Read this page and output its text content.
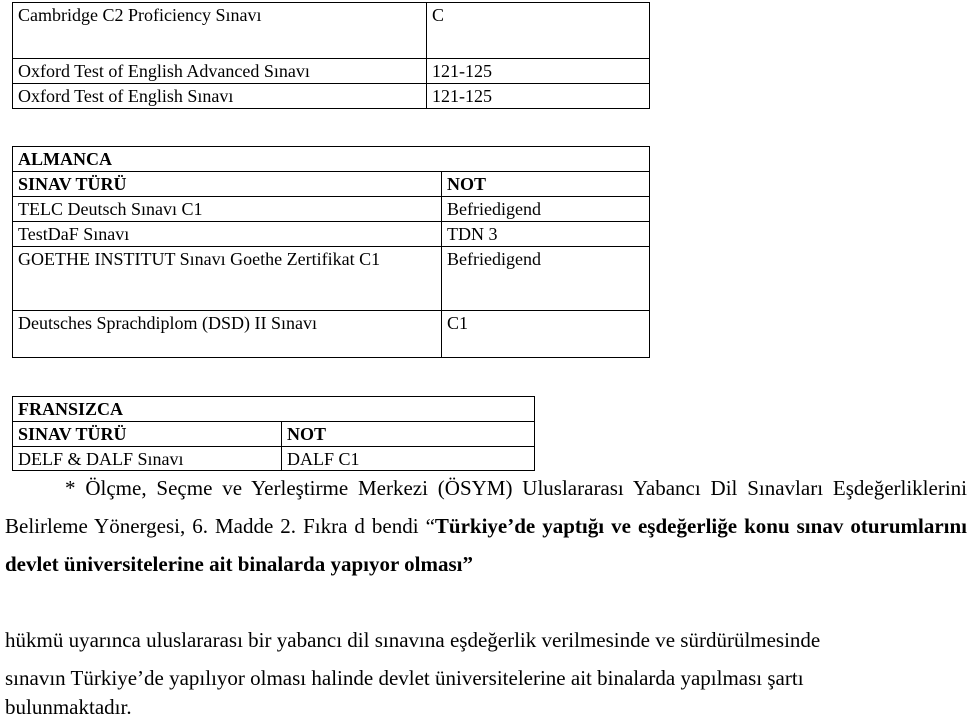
Cambridge C2 Proficiency Sınavı	C
Oxford Test of English Advanced Sınavı	121-125
Oxford Test of English Sınavı	121-125
ALMANCA	
SINAV TÜRÜ	NOT
TELC Deutsch Sınavı C1	Befriedigend
TestDaF Sınavı	TDN 3
GOETHE INSTITUT Sınavı Goethe Zertifikat C1	Befriedigend
Deutsches Sprachdiplom (DSD) II Sınavı	C1
FRANSIZCA	
SINAV TÜRÜ	NOT
DELF & DALF Sınavı	DALF C1

* Ölçme, Seçme ve Yerleştirme Merkezi (ÖSYM) Uluslararası Yabancı Dil Sınavları Eşdeğerliklerini Belirleme Yönergesi, 6. Madde 2. Fıkra d bendi “Türkiye’de yaptığı ve eşdeğerliğe konu sınav oturumlarını devlet üniversitelerine ait binalarda yapıyor olması”

hükmü uyarınca uluslararası bir yabancı dil sınavına eşdeğerlik verilmesinde ve sürdürülmesinde

sınavın Türkiye’de yapılıyor olması halinde devlet üniversitelerine ait binalarda yapılması şartı

bulunmaktadır.
